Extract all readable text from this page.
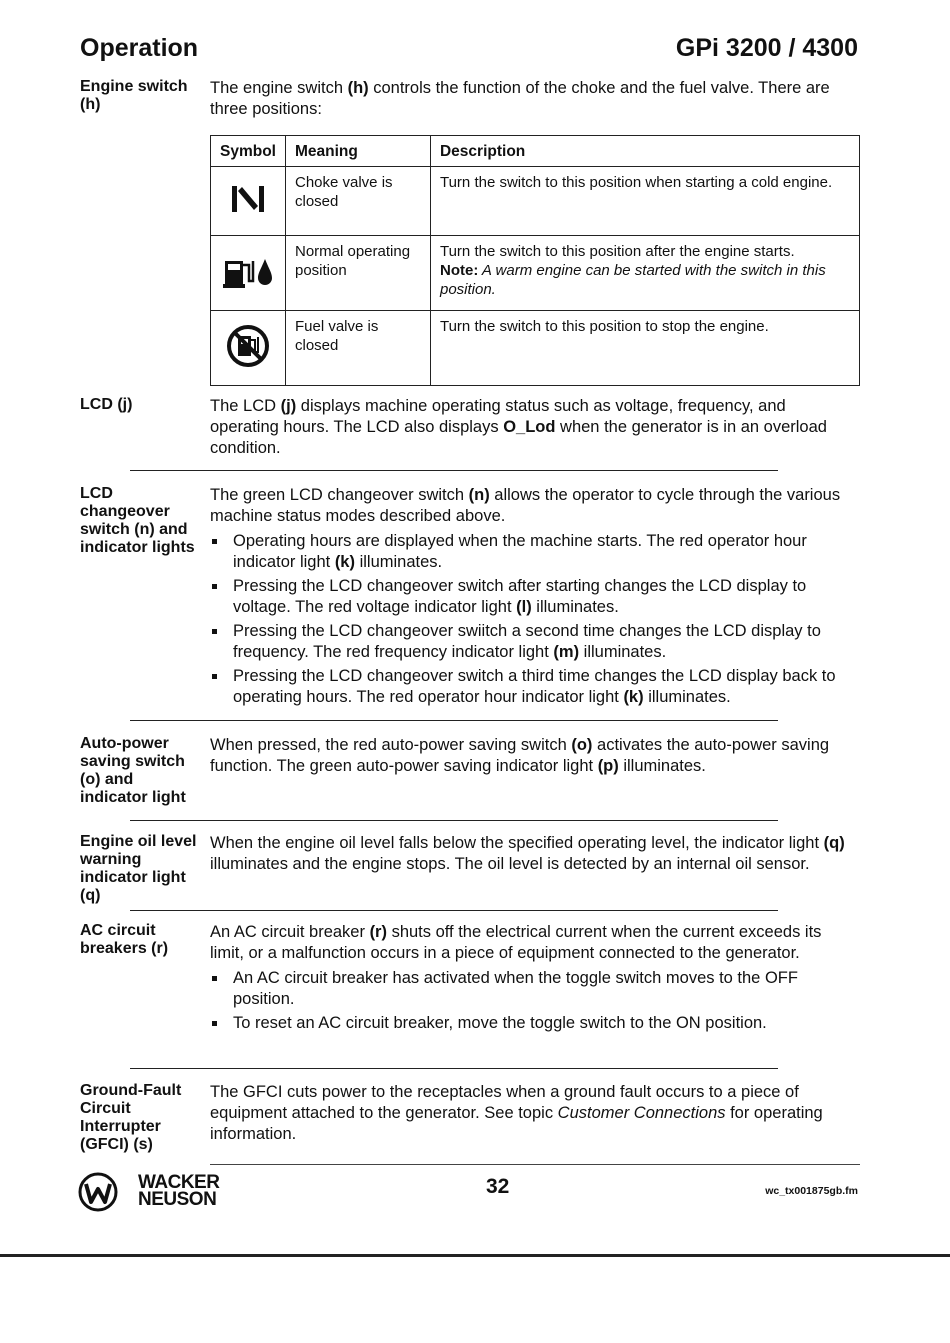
Operation	GPi 3200 / 4300
Engine switch (h)

The engine switch (h) controls the function of the choke and the fuel valve. There are three positions:

Symbol	Meaning	Description
	Choke valve is closed	Turn the switch to this position when starting a cold engine.
	Normal operating position	Turn the switch to this position after the engine starts.
Note: A warm engine can be started with the switch in this position.

	Fuel valve is closed	Turn the switch to this position to stop the engine.
LCD (j)	The LCD (j) displays machine operating status such as voltage, frequency, and operating hours. The LCD also displays O_Lod when the generator is in an overload condition.

LCD changeover switch (n) and indicator lights

The green LCD changeover switch (n) allows the operator to cycle through the various machine status modes described above.

Operating hours are displayed when the machine starts. The red operator hour indicator light (k) illuminates.
Pressing the LCD changeover switch after starting changes the LCD display to voltage. The red voltage indicator light (l) illuminates.
Pressing the LCD changeover swiitch a second time changes the LCD display to frequency. The red frequency indicator light (m) illuminates.
Pressing the LCD changeover switch a third time changes the LCD display back to operating hours. The red operator hour indicator light (k) illuminates.
Auto-power saving switch (o) and indicator light

When pressed, the red auto-power saving switch (o) activates the auto-power saving function. The green auto-power saving indicator light (p) illuminates.

Engine oil level warning indicator light (q)

When the engine oil level falls below the specified operating level, the indicator light (q) illuminates and the engine stops. The oil level is detected by an internal oil sensor.

AC circuit breakers (r)

An AC circuit breaker (r) shuts off the electrical current when the current exceeds its limit, or a malfunction occurs in a piece of equipment connected to the generator.

An AC circuit breaker has activated when the toggle switch moves to the OFF position.
To reset an AC circuit breaker, move the toggle switch to the ON position.
Ground-Fault Circuit Interrupter (GFCI) (s)

The GFCI cuts power to the receptacles when a ground fault occurs to a piece of equipment attached to the generator. See topic Customer Connections for operating information.

WACKER
NEUSON
32	wc_tx001875gb.fm
